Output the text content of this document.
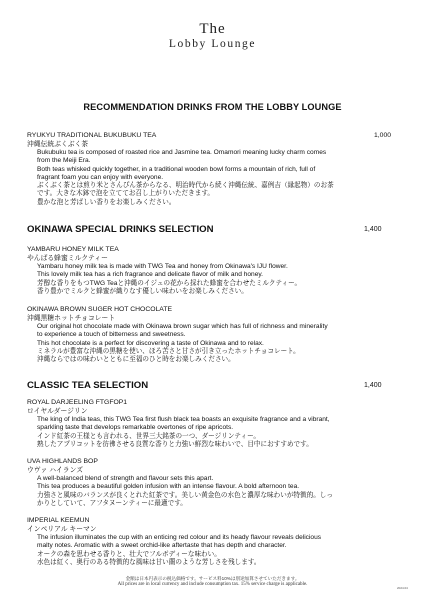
The
Lobby Lounge
RECOMMENDATION DRINKS FROM THE LOBBY LOUNGE
RYUKYU TRADITIONAL BUKUBUKU TEA	1,000
沖縄伝統ぶくぶく茶
Bukubuku tea is composed of roasted rice and Jasmine tea. Omamori meaning lucky charm comes
from the Meiji Era.
Both teas whisked quickly together, in a traditional wooden bowl forms a mountain of rich, full of
fragrant foam you can enjoy with everyone.
ぶくぶく茶とは煎り米とさんぴん茶からなる、明治時代から続く沖縄伝統、嘉例吉（縁起物）のお茶
です。大きな木鉢で泡を立ててお召し上がりいただきます。
豊かな泡と芳ばしい香りをお楽しみください。
OKINAWA SPECIAL DRINKS SELECTION	1,400
YAMBARU HONEY MILK TEA
やんばる蜂蜜ミルクティー
Yambaru honey milk tea is made with TWG Tea and honey from Okinawa's IJU flower.
This lovely milk tea has a rich fragrance and delicate flavor of milk and honey.
芳醇な香りをもつTWG Teaと沖縄のイジュの花から採れた蜂蜜を合わせたミルクティー。
香り豊かでミルクと蜂蜜が織りなす優しい味わいをお楽しみください。
OKINAWA BROWN SUGER HOT CHOCOLATE
沖縄黒糖ホットチョコレート
Our original hot chocolate made with Okinawa brown sugar which has full of richness and minerality
to experience a touch of bitterness and sweetness.
This hot chocolate is a perfect for discovering a taste of Okinawa and to relax.
ミネラルが豊富な沖縄の黒糖を使い、ほろ苦さと甘さが引き立ったホットチョコレート。
沖縄ならではの味わいとともに至福のひと時をお楽しみください。
CLASSIC TEA SELECTION	1,400
ROYAL DARJEELING FTGFOP1
ロイヤルダージリン
The king of India teas, this TWG Tea first flush black tea boasts an exquisite fragrance and a vibrant,
sparkling taste that develops remarkable overtones of ripe apricots.
インド紅茶の王様とも言われる、世界三大銘茶の一つ、ダージリンティー。
熟したアプリコットを彷彿させる良質な香りと力強い鮮烈な味わいで、目中におすすめです。
UVA HIGHLANDS BOP
ウヴァ ハイランズ
A well-balanced blend of strength and flavour sets this apart.
This tea produces a beautiful golden infusion with an intense flavour. A bold afternoon tea.
力強さと風味のバランスが良くとれた紅茶です。美しい黄金色の水色と濃厚な味わいが特徴的。しっ
かりとしていて、アフタヌーンティーに最適です。
IMPERIAL KEEMUN
インペリアル キーマン
The infusion illuminates the cup with an enticing red colour and its heady flavour reveals delicious
malty notes. Aromatic with a sweet orchid-like aftertaste that has depth and character.
オークの森を思わせる香りと、壮大でフルボディーな味わい。
水色は紅く、奥行のある特徴的な風味は甘い蘭のような芳しさを残します。
金額は日本円表示の税込価格です。サービス料10%は別途加算させていただきます。
All prices are in local currency and include consumption tax. 15% service charge is applicable.
2024.04
